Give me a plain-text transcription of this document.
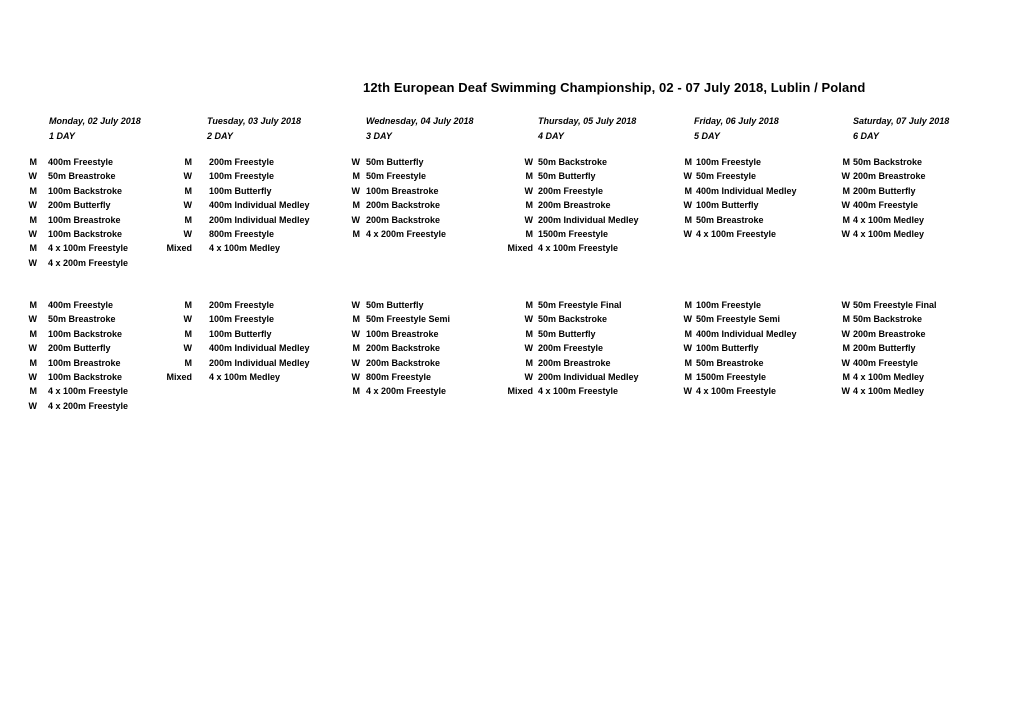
12th European Deaf Swimming Championship, 02 - 07 July 2018, Lublin / Poland
Monday, 02 July 2018
1 DAY
Tuesday, 03 July 2018
2 DAY
Wednesday, 04 July 2018
3 DAY
Thursday, 05 July 2018
4 DAY
Friday, 06 July 2018
5 DAY
Saturday, 07 July 2018
6 DAY
M 400m Freestyle
W 50m Breastroke
M 100m Backstroke
W 200m Butterfly
M 100m Breastroke
W 100m Backstroke
M 4 x 100m Freestyle
W 4 x 200m Freestyle
M 200m Freestyle
W 100m Freestyle
M 100m Butterfly
W 400m Individual Medley
M 200m Individual Medley
W 800m Freestyle
Mixed 4 x 100m Medley
W 50m Butterfly
M 50m Freestyle
W 100m Breastroke
M 200m Backstroke
W 200m Backstroke
M 4 x 200m Freestyle
W 50m Backstroke
M 50m Butterfly
W 200m Freestyle
M 200m Breastroke
W 200m Individual Medley
M 1500m Freestyle
Mixed 4 x 100m Freestyle
M 100m Freestyle
W 50m Freestyle
M 400m Individual Medley
W 100m Butterfly
M 50m Breastroke
W 4 x 100m Freestyle
M 50m Backstroke
W 200m Breastroke
M 200m Butterfly
W 400m Freestyle
M 4 x 100m Medley
W 4 x 100m Medley
M 400m Freestyle
W 50m Breastroke
M 100m Backstroke
W 200m Butterfly
M 100m Breastroke
W 100m Backstroke
M 4 x 100m Freestyle
W 4 x 200m Freestyle
M 200m Freestyle
W 100m Freestyle
M 100m Butterfly
W 400m Individual Medley
M 200m Individual Medley
Mixed 4 x 100m Medley
W 50m Butterfly
M 50m Freestyle Semi
W 100m Breastroke
M 200m Backstroke
W 200m Backstroke
W 800m Freestyle
M 4 x 200m Freestyle
M 50m Freestyle Final
W 50m Backstroke
M 50m Butterfly
W 200m Freestyle
M 200m Breastroke
W 200m Individual Medley
Mixed 4 x 100m Freestyle
M 100m Freestyle
W 50m Freestyle Semi
M 400m Individual Medley
W 100m Butterfly
M 50m Breastroke
M 1500m Freestyle
W 4 x 100m Freestyle
W 50m Freestyle Final
M 50m Backstroke
W 200m Breastroke
M 200m Butterfly
W 400m Freestyle
M 4 x 100m Medley
W 4 x 100m Medley
